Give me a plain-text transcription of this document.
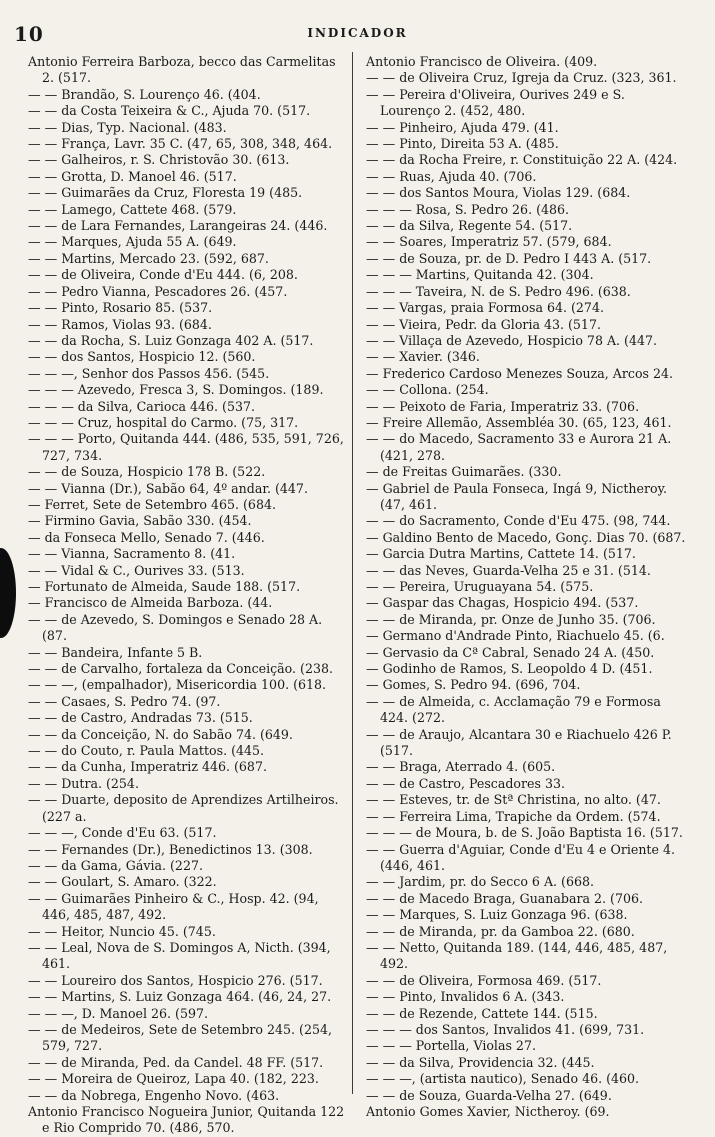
10	INDICADOR

Antonio Ferreira Barboza, becco das Carmelitas 2. (517.

— — Brandão, S. Lourenço 46. (404.

— — da Costa Teixeira & C., Ajuda 70. (517.

— — Dias, Typ. Nacional. (483.

— — França, Lavr. 35 C. (47, 65, 308, 348, 464.

— — Galheiros, r. S. Christovão 30. (613.

— — Grotta, D. Manoel 46. (517.

— — Guimarães da Cruz, Floresta 19 (485.

— — Lamego, Cattete 468. (579.

— — de Lara Fernandes, Larangeiras 24. (446.

— — Marques, Ajuda 55 A. (649.

— — Martins, Mercado 23. (592, 687.

— — de Oliveira, Conde d'Eu 444. (6, 208.

— — Pedro Vianna, Pescadores 26. (457.

— — Pinto, Rosario 85. (537.

— — Ramos, Violas 93. (684.

— — da Rocha, S. Luiz Gonzaga 402 A. (517.

— — dos Santos, Hospicio 12. (560.

— — —, Senhor dos Passos 456. (545.

— — — Azevedo, Fresca 3, S. Domingos. (189.

— — — da Silva, Carioca 446. (537.

— — — Cruz, hospital do Carmo. (75, 317.

— — — Porto, Quitanda 444. (486, 535, 591, 726, 727, 734.

— — de Souza, Hospicio 178 B. (522.

— — Vianna (Dr.), Sabão 64, 4º andar. (447.

— Ferret, Sete de Setembro 465. (684.

— Firmino Gavia, Sabão 330. (454.

— da Fonseca Mello, Senado 7. (446.

— — Vianna, Sacramento 8. (41.

— — Vidal & C., Ourives 33. (513.

— Fortunato de Almeida, Saude 188. (517.

— Francisco de Almeida Barboza. (44.

— — de Azevedo, S. Domingos e Senado 28 A. (87.

— — Bandeira, Infante 5 B.

— — de Carvalho, fortaleza da Conceição. (238.

— — —, (empalhador), Misericordia 100. (618.

— — Casaes, S. Pedro 74. (97.

— — de Castro, Andradas 73. (515.

— — da Conceição, N. do Sabão 74. (649.

— — do Couto, r. Paula Mattos. (445.

— — da Cunha, Imperatriz 446. (687.

— — Dutra. (254.

— — Duarte, deposito de Aprendizes Artilheiros. (227 a.

— — —, Conde d'Eu 63. (517.

— — Fernandes (Dr.), Benedictinos 13. (308.

— — da Gama, Gávia. (227.

— — Goulart, S. Amaro. (322.

— — Guimarães Pinheiro & C., Hosp. 42. (94, 446, 485, 487, 492.

— — Heitor, Nuncio 45. (745.

— — Leal, Nova de S. Domingos A, Nicth. (394, 461.

— — Loureiro dos Santos, Hospicio 276. (517.

— — Martins, S. Luiz Gonzaga 464. (46, 24, 27.

— — —, D. Manoel 26. (597.

— — de Medeiros, Sete de Setembro 245. (254, 579, 727.

— — de Miranda, Ped. da Candel. 48 FF. (517.

— — Moreira de Queiroz, Lapa 40. (182, 223.

— — da Nobrega, Engenho Novo. (463.

Antonio Francisco Nogueira Junior, Quitanda 122 e Rio Comprido 70. (486, 570.

Antonio Francisco de Oliveira. (409.

— — de Oliveira Cruz, Igreja da Cruz. (323, 361.

— — Pereira d'Oliveira, Ourives 249 e S. Lourenço 2. (452, 480.

— — Pinheiro, Ajuda 479. (41.

— — Pinto, Direita 53 A. (485.

— — da Rocha Freire, r. Constituição 22 A. (424.

— — Ruas, Ajuda 40. (706.

— — dos Santos Moura, Violas 129. (684.

— — — Rosa, S. Pedro 26. (486.

— — da Silva, Regente 54. (517.

— — Soares, Imperatriz 57. (579, 684.

— — de Souza, pr. de D. Pedro I 443 A. (517.

— — — Martins, Quitanda 42. (304.

— — — Taveira, N. de S. Pedro 496. (638.

— — Vargas, praia Formosa 64. (274.

— — Vieira, Pedr. da Gloria 43. (517.

— — Villaça de Azevedo, Hospicio 78 A. (447.

— — Xavier. (346.

— Frederico Cardoso Menezes Souza, Arcos 24.

— — Collona. (254.

— — Peixoto de Faria, Imperatriz 33. (706.

— Freire Allemão, Assembléa 30. (65, 123, 461.

— — do Macedo, Sacramento 33 e Aurora 21 A. (421, 278.

— de Freitas Guimarães. (330.

— Gabriel de Paula Fonseca, Ingá 9, Nictheroy. (47, 461.

— — do Sacramento, Conde d'Eu 475. (98, 744.

— Galdino Bento de Macedo, Gonç. Dias 70. (687.

— Garcia Dutra Martins, Cattete 14. (517.

— — das Neves, Guarda-Velha 25 e 31. (514.

— — Pereira, Uruguayana 54. (575.

— Gaspar das Chagas, Hospicio 494. (537.

— — de Miranda, pr. Onze de Junho 35. (706.

— Germano d'Andrade Pinto, Riachuelo 45. (6.

— Gervasio da Cª Cabral, Senado 24 A. (450.

— Godinho de Ramos, S. Leopoldo 4 D. (451.

— Gomes, S. Pedro 94. (696, 704.

— — de Almeida, c. Acclamação 79 e Formosa 424. (272.

— — de Araujo, Alcantara 30 e Riachuelo 426 P. (517.

— — Braga, Aterrado 4. (605.

— — de Castro, Pescadores 33.

— — Esteves, tr. de Stª Christina, no alto. (47.

— — Ferreira Lima, Trapiche da Ordem. (574.

— — — de Moura, b. de S. João Baptista 16. (517.

— — Guerra d'Aguiar, Conde d'Eu 4 e Oriente 4. (446, 461.

— — Jardim, pr. do Secco 6 A. (668.

— — de Macedo Braga, Guanabara 2. (706.

— — Marques, S. Luiz Gonzaga 96. (638.

— — de Miranda, pr. da Gamboa 22. (680.

— — Netto, Quitanda 189. (144, 446, 485, 487, 492.

— — de Oliveira, Formosa 469. (517.

— — Pinto, Invalidos 6 A. (343.

— — de Rezende, Cattete 144. (515.

— — — dos Santos, Invalidos 41. (699, 731.

— — — Portella, Violas 27.

— — da Silva, Providencia 32. (445.

— — —, (artista nautico), Senado 46. (460.

— — de Souza, Guarda-Velha 27. (649.

Antonio Gomes Xavier, Nictheroy. (69.
